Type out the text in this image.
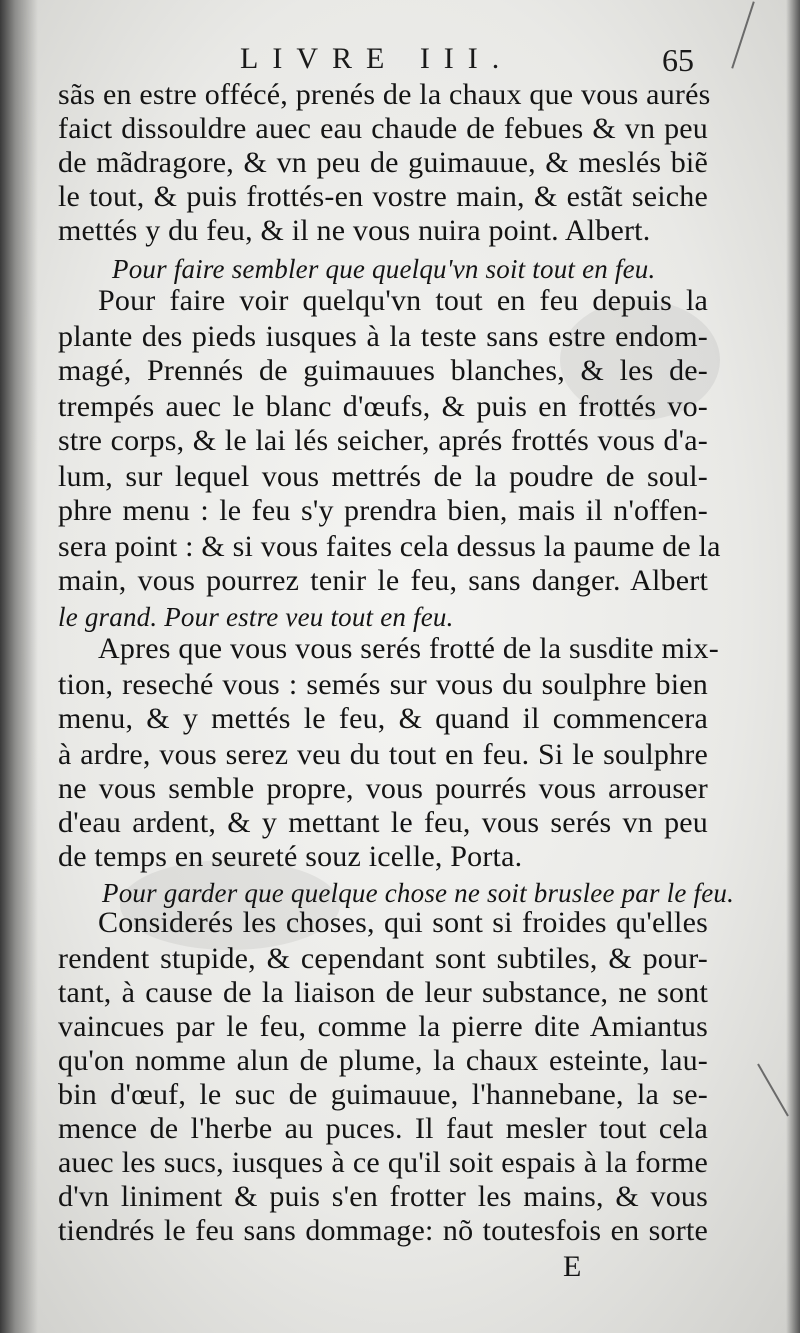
LIVRE III.	65
sãs en estre offécé, prenés de la chaux que vous aurés
faict dissouldre auec eau chaude de febues & vn peu
de mãdragore, & vn peu de guimauue, & meslés biẽ
le tout, & puis frottés-en vostre main, & estãt seiche
mettés y du feu, & il ne vous nuira point. Albert.
Pour faire sembler que quelqu'vn soit tout en feu.
Pour faire voir quelqu'vn tout en feu depuis la
plante des pieds iusques à la teste sans estre endom-
magé, Prennés de guimauues blanches, & les de-
trempés auec le blanc d'œufs, & puis en frottés vo-
stre corps, & le lai lés seicher, aprés frottés vous d'a-
lum, sur lequel vous mettrés de la poudre de soul-
phre menu : le feu s'y prendra bien, mais il n'offen-
sera point : & si vous faites cela dessus la paume de la
main, vous pourrez tenir le feu, sans danger. Albert
le grand. Pour estre veu tout en feu.
Apres que vous vous serés frotté de la susdite mix-
tion, reseché vous : semés sur vous du soulphre bien
menu, & y mettés le feu, & quand il commencera
à ardre, vous serez veu du tout en feu. Si le soulphre
ne vous semble propre, vous pourrés vous arrouser
d'eau ardent, & y mettant le feu, vous serés vn peu
de temps en seureté souz icelle, Porta.
Pour garder que quelque chose ne soit bruslee par le feu.
Considerés les choses, qui sont si froides qu'elles
rendent stupide, & cependant sont subtiles, & pour-
tant, à cause de la liaison de leur substance, ne sont
vaincues par le feu, comme la pierre dite Amiantus
qu'on nomme alun de plume, la chaux esteinte, lau-
bin d'œuf, le suc de guimauue, l'hannebane, la se-
mence de l'herbe au puces. Il faut mesler tout cela
auec les sucs, iusques à ce qu'il soit espais à la forme
d'vn liniment & puis s'en frotter les mains, & vous
tiendrés le feu sans dommage: nõ toutesfois en sorte
E
